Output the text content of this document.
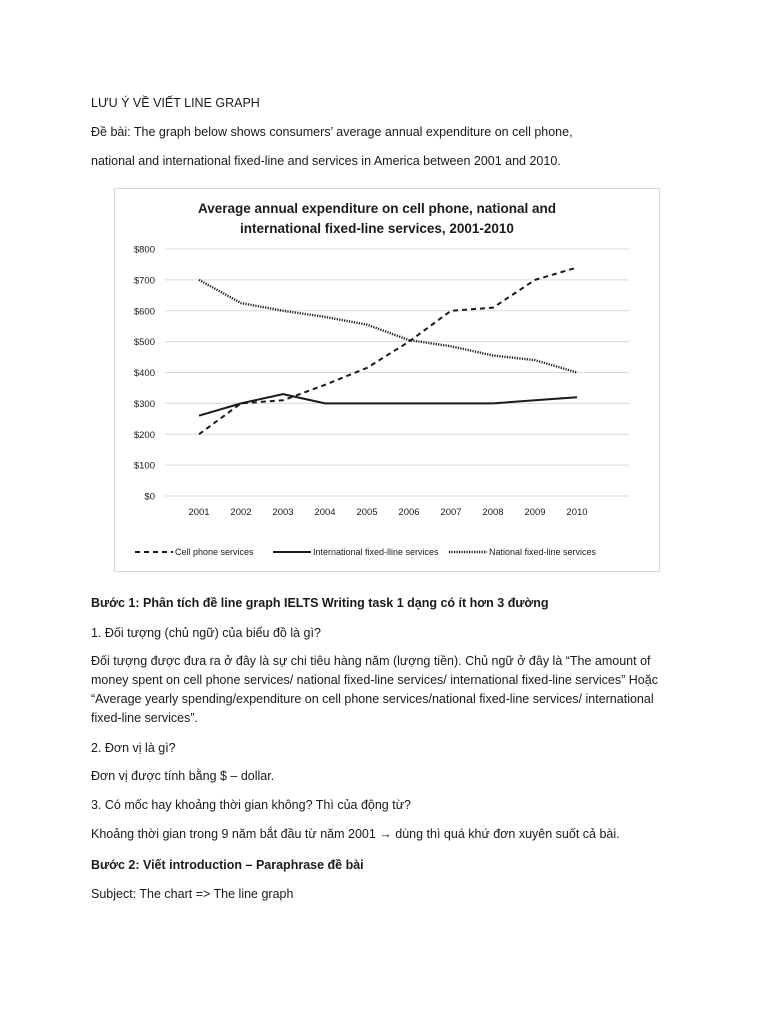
LƯU Ý VỀ VIẾT LINE GRAPH
Đề bài: The graph below shows consumers’ average annual expenditure on cell phone,
national and international fixed-line and services in America between 2001 and 2010.
Average annual expenditure on cell phone, national and
international fixed-line services, 2001-2010
$0
$100
$200
$300
$400
$500
$600
$700
$800
2001 2002 2003 2004 2005 2006 2007 2008 2009 2010
Cell phone services	International fixed-lline services	National fixed-line services
Bước 1: Phân tích đề line graph IELTS Writing task 1 dạng có ít hơn 3 đường
1. Đối tượng (chủ ngữ) của biểu đồ là gì?
Đối tượng được đưa ra ở đây là sự chi tiêu hàng năm (lượng tiền). Chủ ngữ ở đây là “The amount of money spent on cell phone services/ national fixed-line services/ international fixed-line services” Hoặc “Average yearly spending/expenditure on cell phone services/national fixed-line services/ international fixed-line services”.
2. Đơn vị là gì?
Đơn vị được tính bằng $ – dollar.
3. Có mốc hay khoảng thời gian không? Thì của động từ?
Khoảng thời gian trong 9 năm bắt đầu từ năm 2001 → dùng thì quá khứ đơn xuyên suốt cả bài.
Bước 2: Viết introduction – Paraphrase đề bài
Subject: The chart => The line graph
